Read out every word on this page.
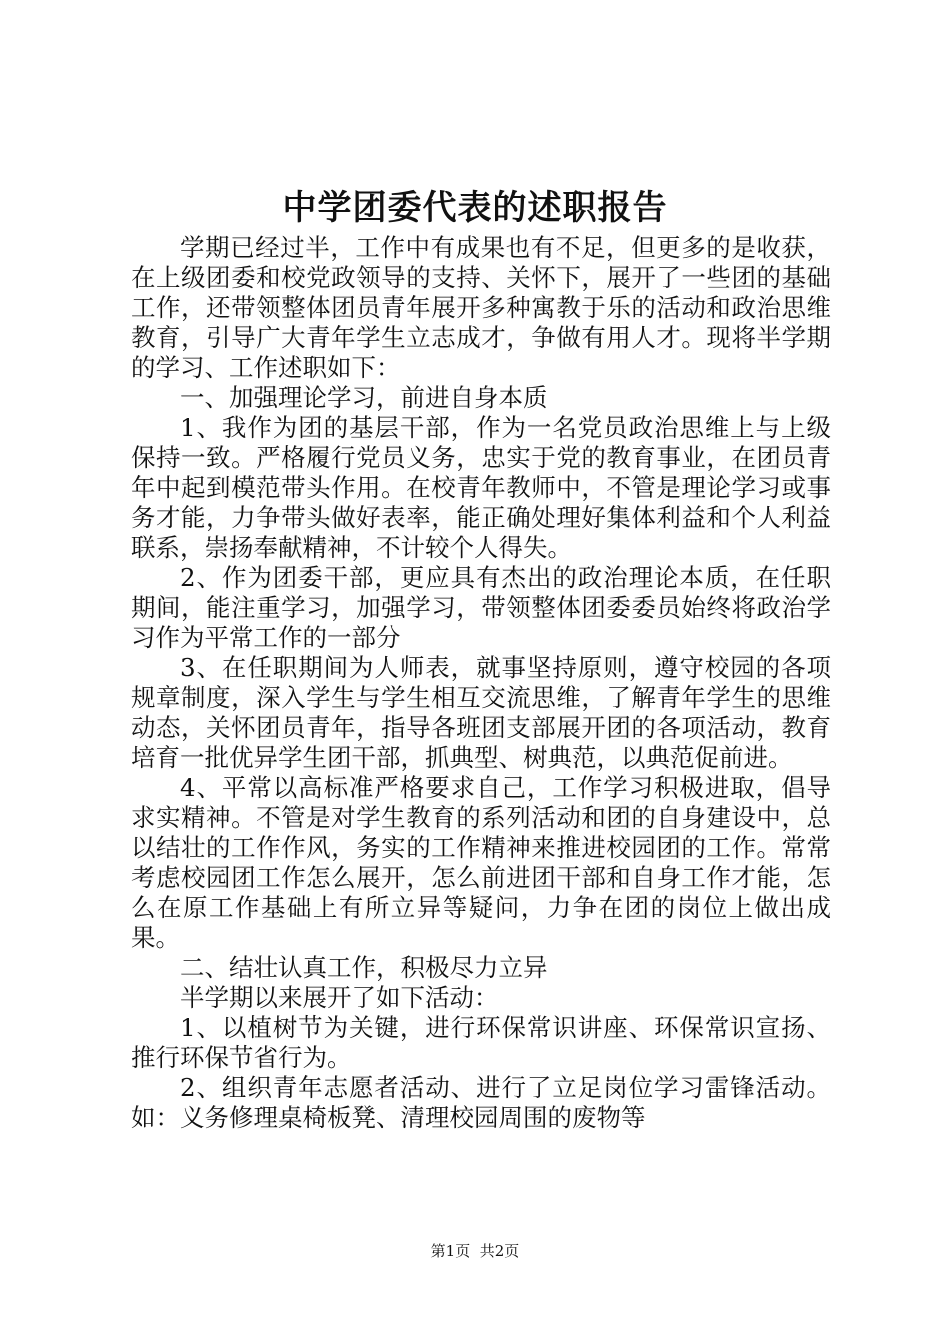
中学团委代表的述职报告

学期已经过半，工作中有成果也有不足，但更多的是收获，在上级团委和校党政领导的支持、关怀下，展开了一些团的基础工作，还带领整体团员青年展开多种寓教于乐的活动和政治思维教育，引导广大青年学生立志成才，争做有用人才。现将半学期的学习、工作述职如下：

一、加强理论学习，前进自身本质

1、我作为团的基层干部，作为一名党员政治思维上与上级保持一致。严格履行党员义务，忠实于党的教育事业，在团员青年中起到模范带头作用。在校青年教师中，不管是理论学习或事务才能，力争带头做好表率，能正确处理好集体利益和个人利益联系，崇扬奉献精神，不计较个人得失。

2、作为团委干部，更应具有杰出的政治理论本质，在任职期间，能注重学习，加强学习，带领整体团委委员始终将政治学习作为平常工作的一部分

3、在任职期间为人师表，就事坚持原则，遵守校园的各项规章制度，深入学生与学生相互交流思维，了解青年学生的思维动态，关怀团员青年，指导各班团支部展开团的各项活动，教育培育一批优异学生团干部，抓典型、树典范，以典范促前进。

4、平常以高标准严格要求自己，工作学习积极进取，倡导求实精神。不管是对学生教育的系列活动和团的自身建设中，总以结壮的工作作风，务实的工作精神来推进校园团的工作。常常考虑校园团工作怎么展开，怎么前进团干部和自身工作才能，怎么在原工作基础上有所立异等疑问，力争在团的岗位上做出成果。

二、结壮认真工作，积极尽力立异

半学期以来展开了如下活动：

1、以植树节为关键，进行环保常识讲座、环保常识宣扬、推行环保节省行为。

2、组织青年志愿者活动、进行了立足岗位学习雷锋活动。如：义务修理桌椅板凳、清理校园周围的废物等

第1页 共2页
